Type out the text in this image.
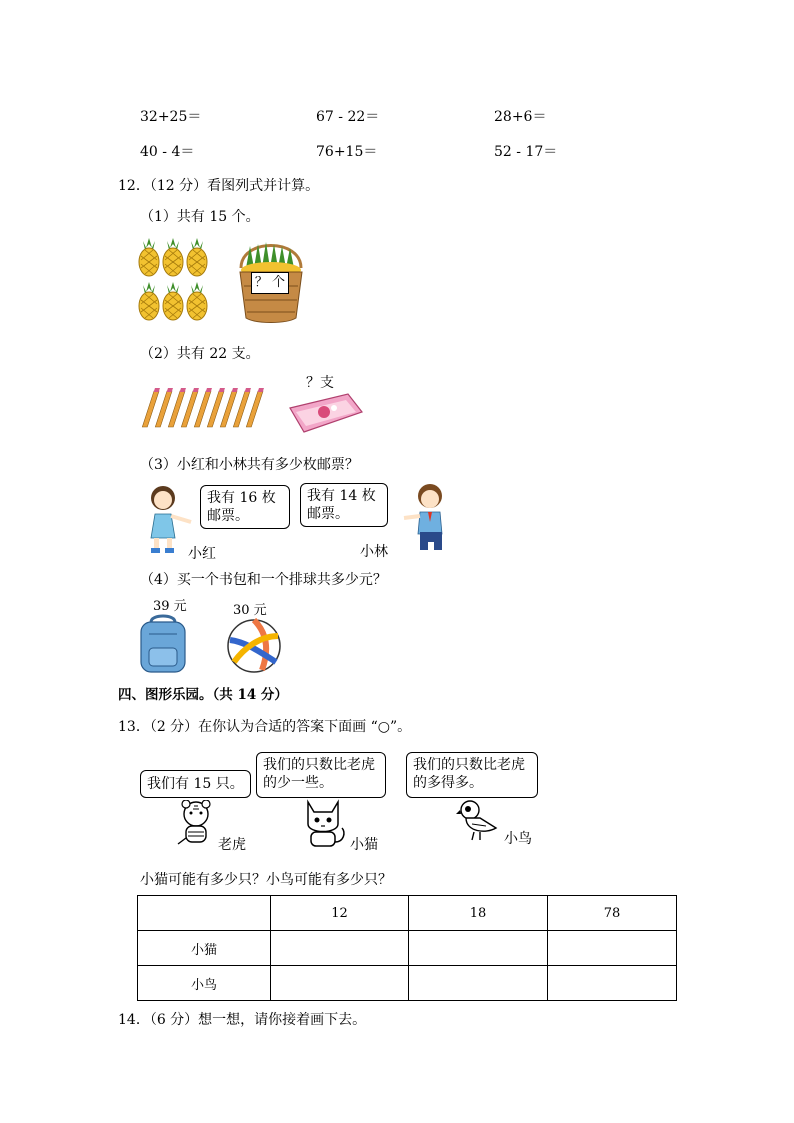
32+25＝	67 - 22＝	28+6＝
40 - 4＝	76+15＝	52 - 17＝
12．（12 分）看图列式并计算。
（1）共有 15 个。
？ 个
（2）共有 22 支。
？支
（3）小红和小林共有多少枚邮票？
我有 16 枚
邮票。
小红
我有 14 枚
邮票。
小林
（4）买一个书包和一个排球共多少元？
39 元	30 元
四、图形乐园。（共 14 分）
13．（2 分）在你认为合适的答案下面画 “○”。
我们有 15 只。
我们的只数比老虎
的少一些。
我们的只数比老虎
的多得多。
老虎	小猫	小鸟
小猫可能有多少只？小鸟可能有多少只？
	12	18	78
小猫			
小鸟			
14．（6 分）想一想，请你接着画下去。
